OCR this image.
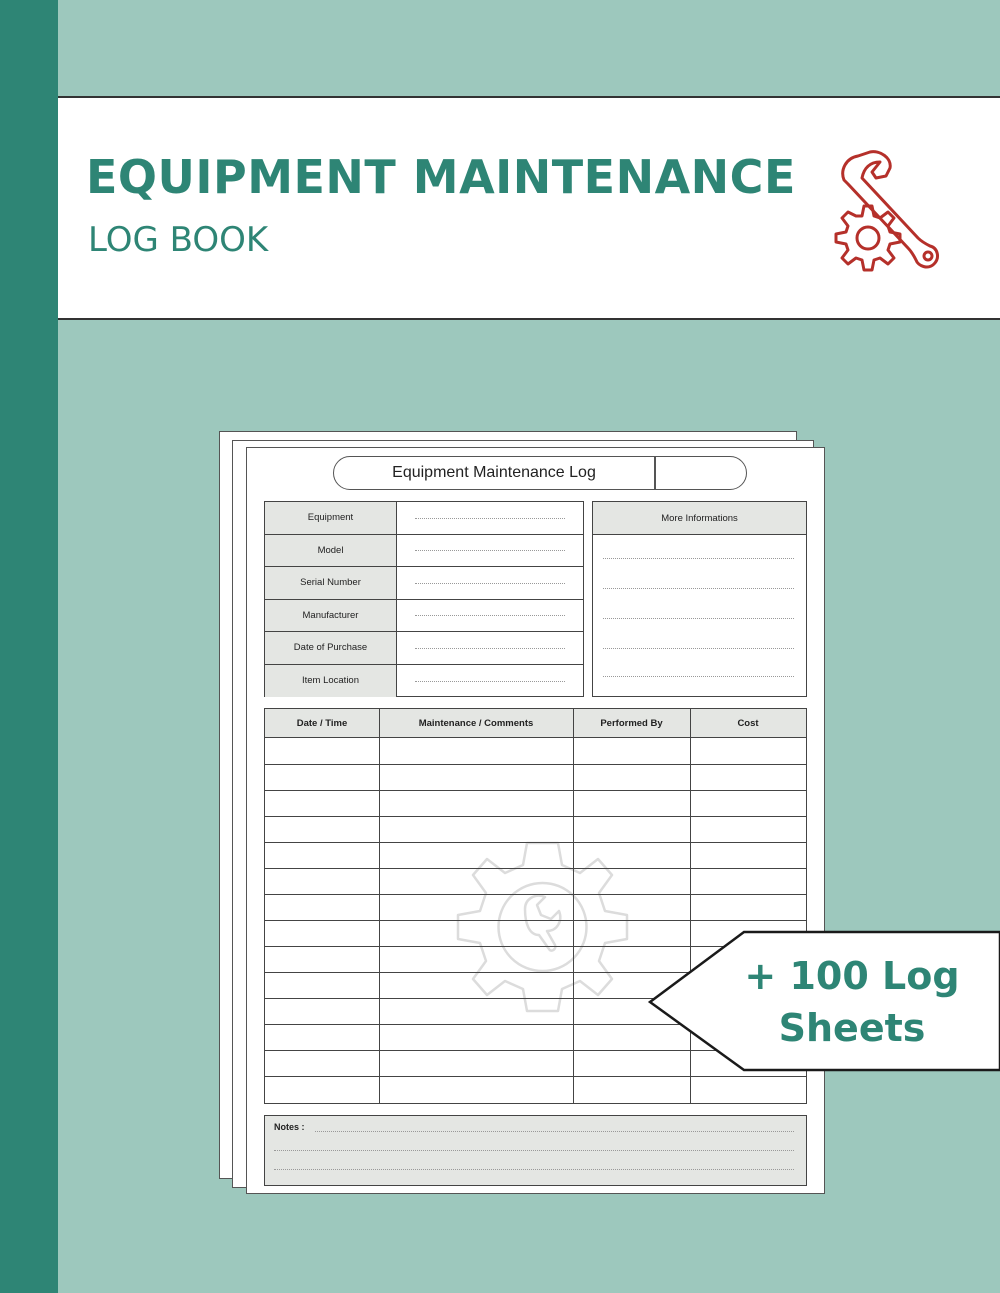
EQUIPMENT MAINTENANCE
LOG BOOK
Equipment Maintenance Log
Equipment
Model
Serial Number
Manufacturer
Date of Purchase
Item Location
More Informations
Date / Time	Maintenance / Comments	Performed By	Cost
Notes :
+ 100 Log
Sheets
